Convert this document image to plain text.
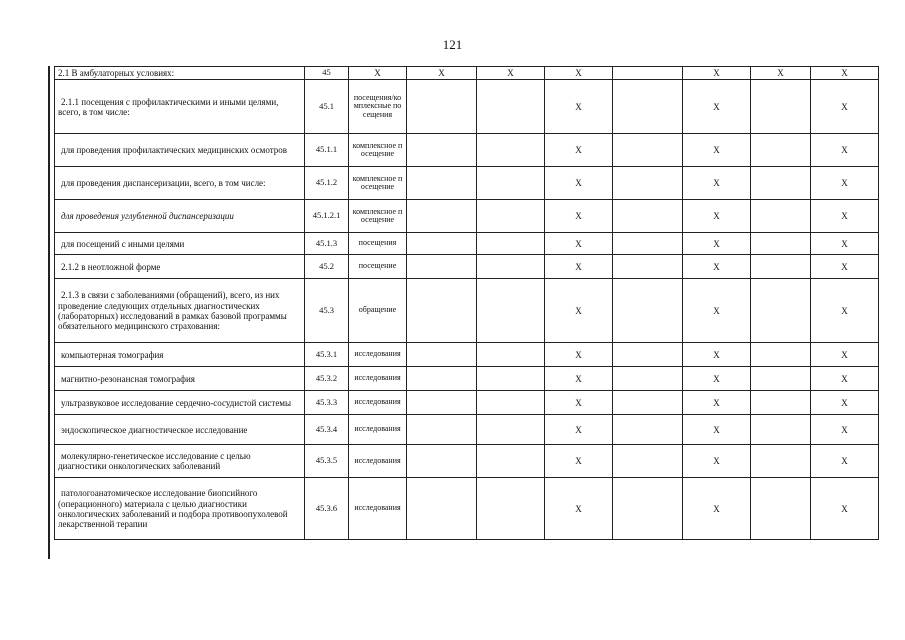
121
2.1 В амбулаторных условиях:	45	X	X	X	X		X	X	X
2.1.1 посещения с профилактическими и иными целями, всего, в том числе:	45.1	посещения/комплексные посещения			X		X		X
для проведения профилактических медицинских осмотров	45.1.1	комплексное посещение			X		X		X
для проведения диспансеризации, всего, в том числе:	45.1.2	комплексное посещение			X		X		X
для проведения углубленной диспансеризации	45.1.2.1	комплексное посещение			X		X		X
для посещений с иными целями	45.1.3	посещения			X		X		X
2.1.2 в неотложной форме	45.2	посещение			X		X		X
2.1.3 в связи с заболеваниями (обращений), всего, из них проведение следующих отдельных диагностических (лабораторных) исследований в рамках базовой программы обязательного медицинского страхования:	45.3	обращение			X		X		X
компьютерная томография	45.3.1	исследования			X		X		X
магнитно-резонансная томография	45.3.2	исследования			X		X		X
ультразвуковое исследование сердечно-сосудистой системы	45.3.3	исследования			X		X		X
эндоскопическое диагностическое исследование	45.3.4	исследования			X		X		X
молекулярно-генетическое исследование с целью диагностики онкологических заболеваний	45.3.5	исследования			X		X		X
патологоанатомическое исследование биопсийного (операционного) материала с целью диагностики онкологических заболеваний и подбора противоопухолевой лекарственной терапии	45.3.6	исследования			X		X		X
